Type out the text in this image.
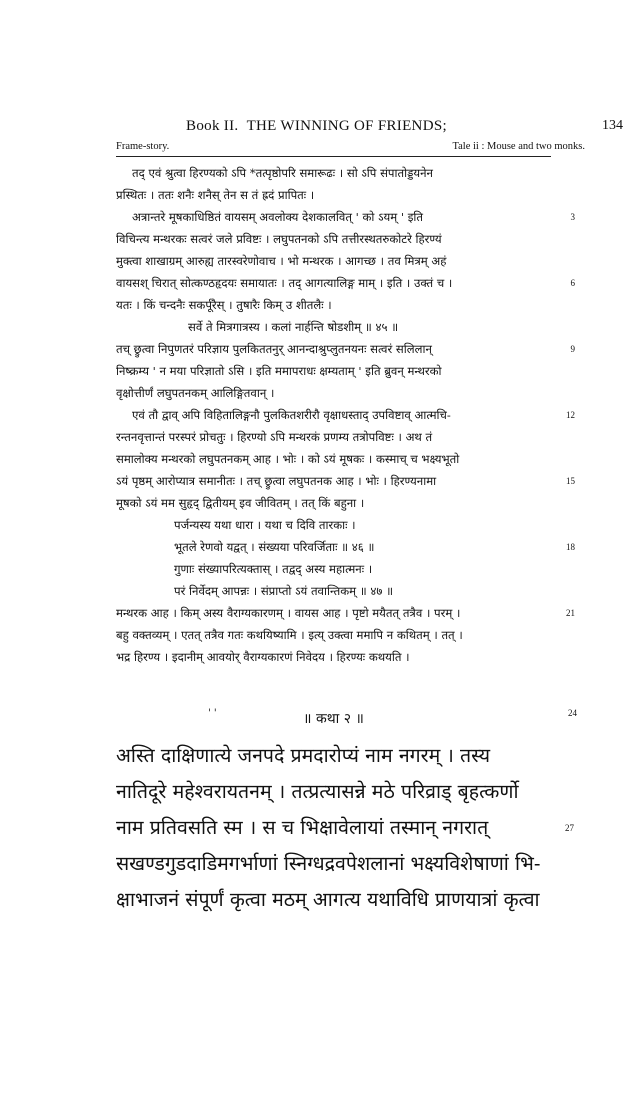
Book II. THE WINNING OF FRIENDS;	134
Frame-story.	Tale ii : Mouse and two monks.
तद् एवं श्रुत्वा हिरण्यको ऽपि *तत्पृष्ठोपरि समारूढः । सो ऽपि संपातोड्डयनेन
प्रस्थितः । ततः शनैः शनैस् तेन स तं ह्रदं प्रापितः ।
अत्रान्तरे मूषकाधिष्ठितं वायसम् अवलोक्य देशकालवित् ' को ऽयम् ' इति	3
विचिन्त्य मन्थरकः सत्वरं जले प्रविष्टः । लघुपतनको ऽपि तत्तीरस्थतरुकोटरे हिरण्यं
मुक्त्वा शाखाग्रम् आरुह्य तारस्वरेणोवाच । भो मन्थरक । आगच्छ । तव मित्रम् अहं
वायसश् चिरात् सोत्कण्ठहृदयः समायातः । तद् आगत्यालिङ्ग माम् । इति । उक्तं च ।	6
यतः । किं चन्दनैः सकर्पूरैस् । तुषारैः किम् उ शीतलैः ।
सर्वे ते मित्रगात्रस्य । कलां नार्हन्ति षोडशीम् ॥ ४५ ॥
तच् छ्रुत्वा निपुणतरं परिज्ञाय पुलकिततनुर् आनन्दाश्रुप्लुतनयनः सत्वरं सलिलान्	9
निष्क्रम्य ' न मया परिज्ञातो ऽसि । इति ममापराधः क्षम्यताम् ' इति ब्रुवन् मन्थरको
वृक्षोत्तीर्णं लघुपतनकम् आलिङ्गितवान् ।
एवं तौ द्वाव् अपि विहितालिङ्गनौ पुलकितशरीरौ वृक्षाधस्ताद् उपविष्टाव् आत्मचि-	12
रन्तनवृत्तान्तं परस्परं प्रोचतुः । हिरण्यो ऽपि मन्थरकं प्रणम्य तत्रोपविष्टः । अथ तं
समालोक्य मन्थरको लघुपतनकम् आह । भोः । को ऽयं मूषकः । कस्माच् च भक्ष्यभूतो
ऽयं पृष्ठम् आरोप्यात्र समानीतः । तच् छ्रुत्वा लघुपतनक आह । भोः । हिरण्यनामा	15
मूषको ऽयं मम सुहृद् द्वितीयम् इव जीवितम् । तत् किं बहुना ।
पर्जन्यस्य यथा धारा । यथा च दिवि तारकाः ।
भूतले रेणवो यद्वत् । संख्यया परिवर्जिताः ॥ ४६ ॥	18
गुणाः संख्यापरित्यक्तास् । तद्वद् अस्य महात्मनः ।
परं निर्वेदम् आपन्नः । संप्राप्तो ऽयं तवान्तिकम् ॥ ४७ ॥
मन्थरक आह । किम् अस्य वैराग्यकारणम् । वायस आह । पृष्टो मयैतत् तत्रैव । परम् ।	21
बहु वक्तव्यम् । एतत् तत्रैव गतः कथयिष्यामि । इत्य् उक्त्वा ममापि न कथितम् । तत् ।
भद्र हिरण्य । इदानीम् आवयोर् वैराग्यकारणं निवेदय । हिरण्यः कथयति ।
' '	॥ कथा २ ॥	24
अस्ति दाक्षिणात्ये जनपदे प्रमदारोप्यं नाम नगरम् । तस्य
नातिदूरे महेश्वरायतनम् । तत्प्रत्यासन्ने मठे परिव्राड् बृहत्कर्णो
नाम प्रतिवसति स्म । स च भिक्षावेलायां तस्मान् नगरात्	27
सखण्डगुडदाडिमगर्भाणां स्निग्धद्रवपेशलानां भक्ष्यविशेषाणां भि-
क्षाभाजनं संपूर्णं कृत्वा मठम् आगत्य यथाविधि प्राणयात्रां कृत्वा
